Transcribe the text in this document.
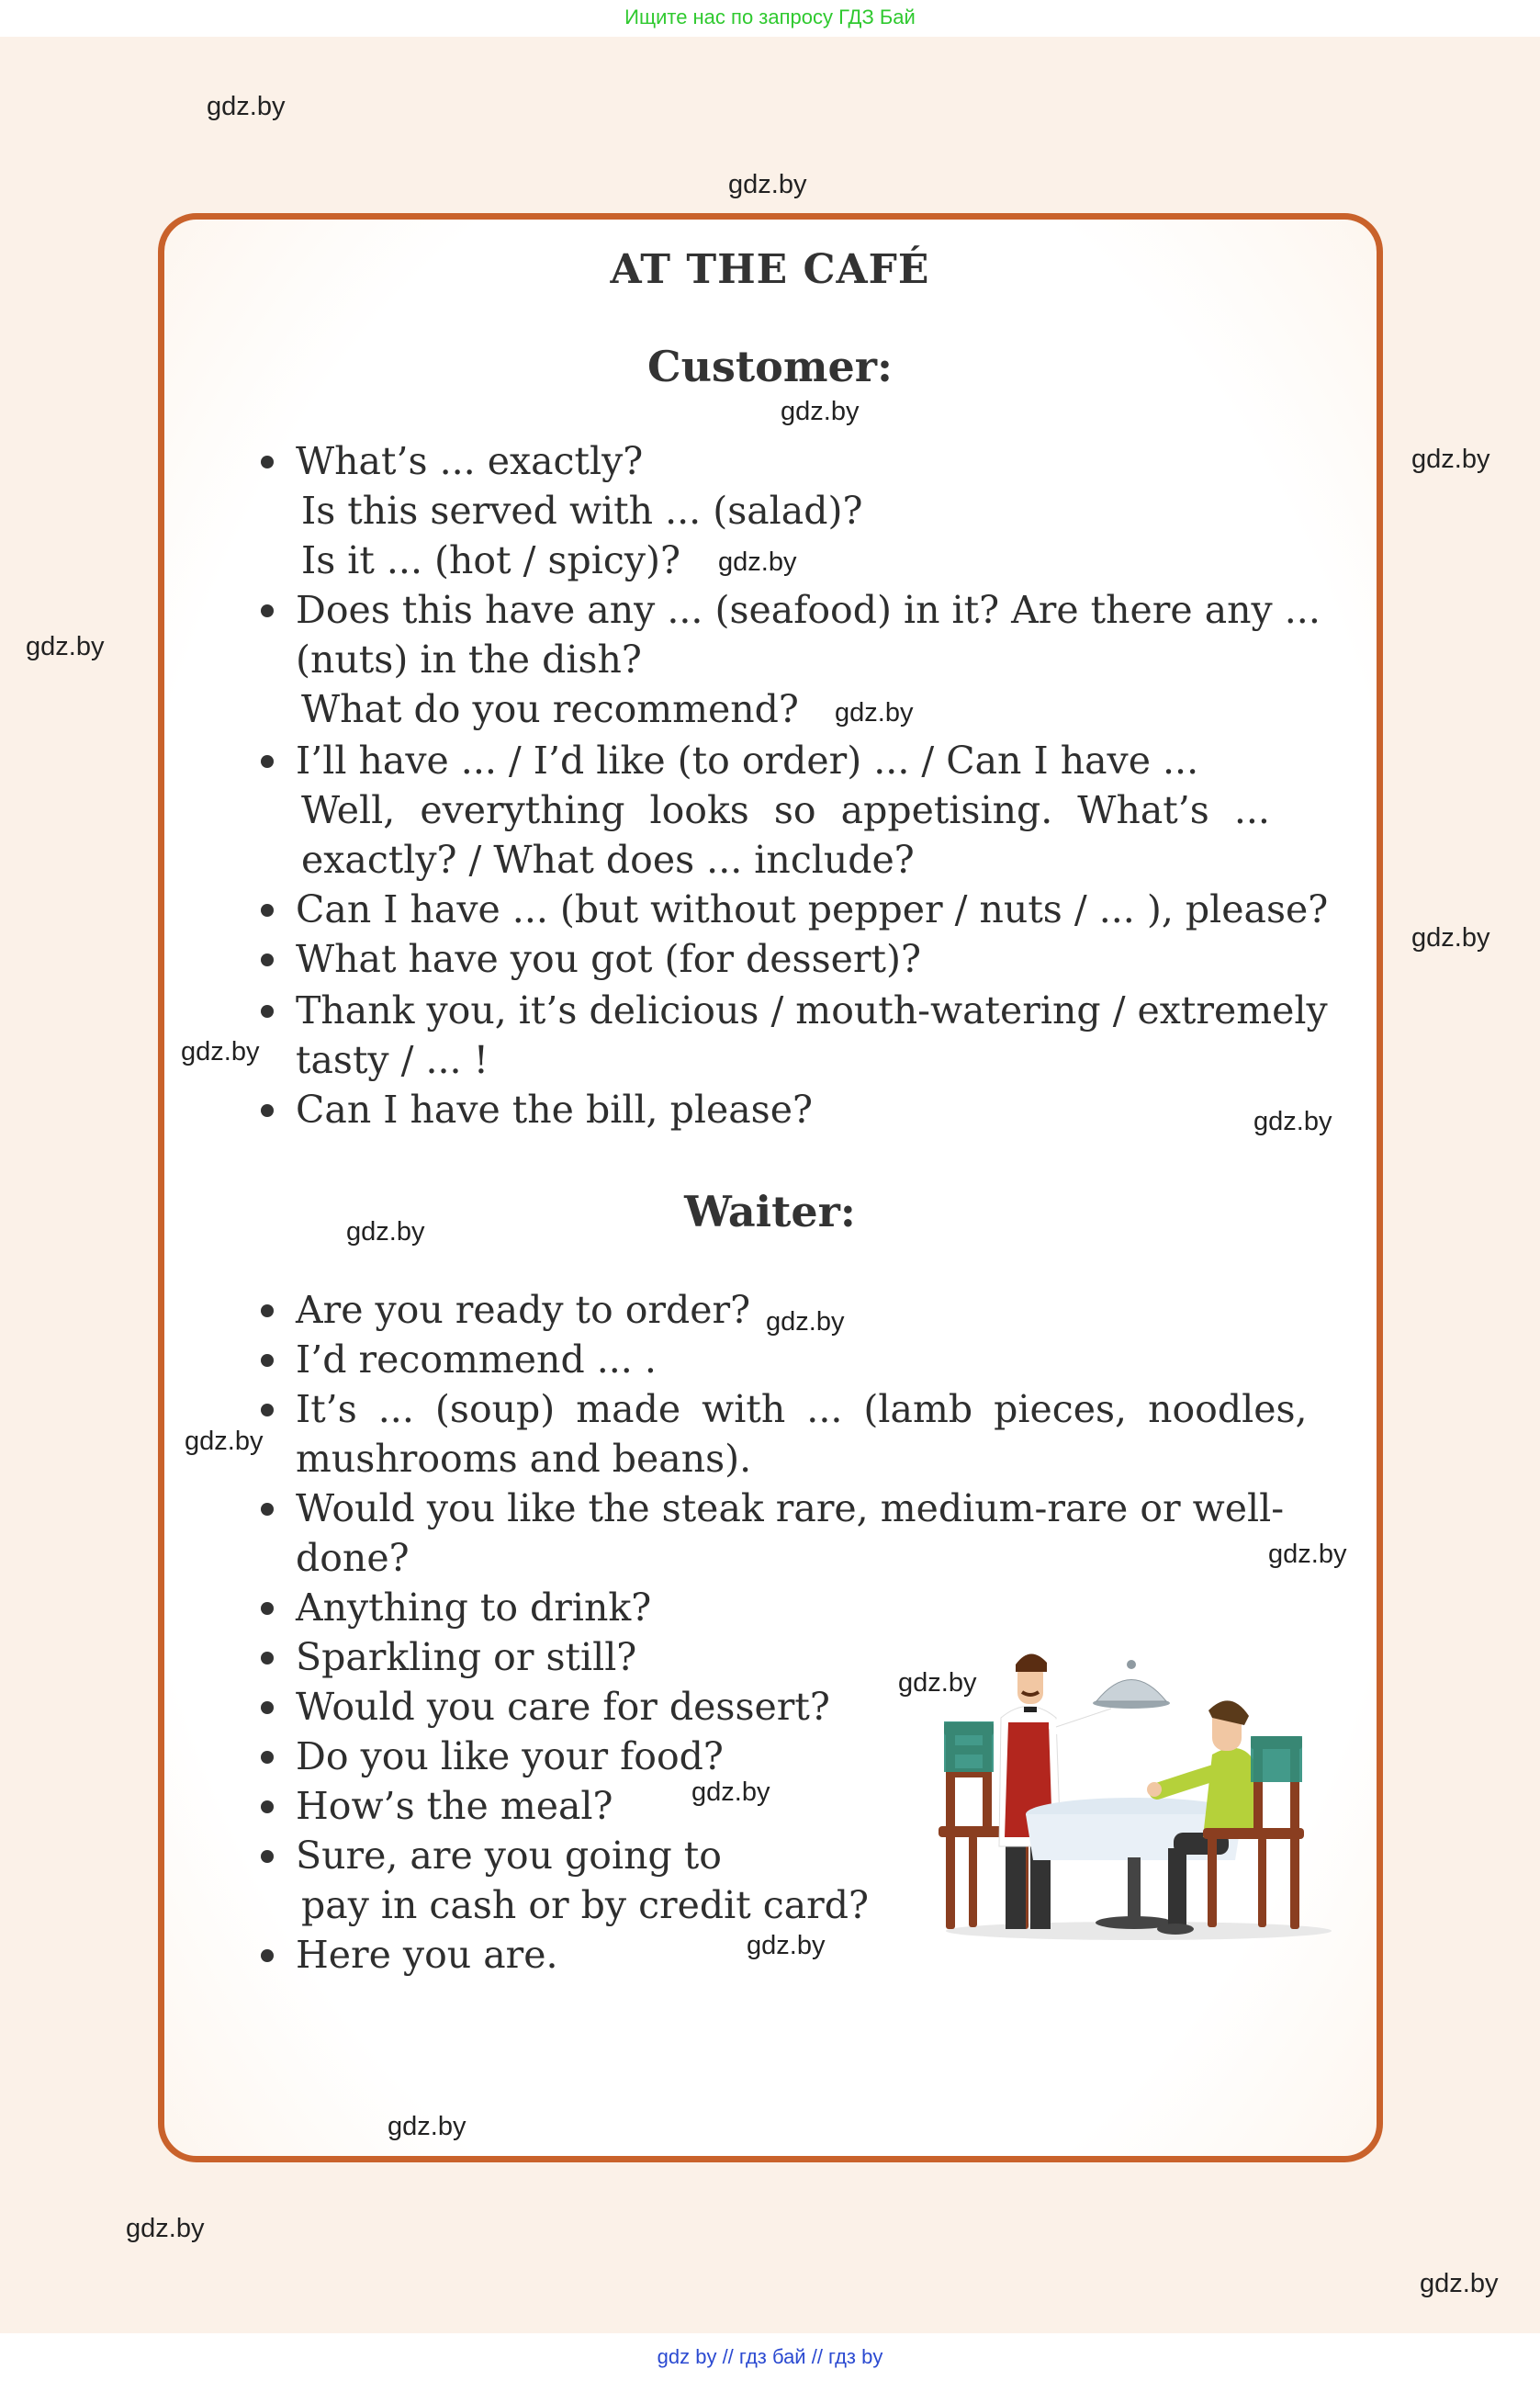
Ищите нас по запросу ГДЗ Бай
AT THE CAFÉ
Customer:
What’s ... exactly?
Is this served with ... (salad)?
Is it ... (hot / spicy)?
Does this have any ... (seafood) in it? Are there any ...
(nuts) in the dish?
What do you recommend?
I’ll have ... / I’d like (to order) ... / Can I have ...
Well, everything looks so appetising. What’s ...
exactly? / What does ... include?
Can I have ... (but without pepper / nuts / ... ), please?
What have you got (for dessert)?
Thank you, it’s delicious / mouth-watering / extremely
tasty / ... !
Can I have the bill, please?
Waiter:
Are you ready to order?
I’d recommend ... .
It’s ... (soup) made with ... (lamb pieces, noodles,
mushrooms and beans).
Would you like the steak rare, medium-rare or well-
done?
Anything to drink?
Sparkling or still?
Would you care for dessert?
Do you like your food?
How’s the meal?
Sure, are you going to
pay in cash or by credit card?
Here you are.
gdz.by
gdz.by
gdz.by
gdz.by
gdz.by
gdz.by
gdz.by
gdz.by
gdz.by
gdz.by
gdz.by
gdz.by
gdz.by
gdz.by
gdz.by
gdz.by
gdz.by
gdz.by
gdz.by
gdz.by
gdz by // гдз бай // гдз by
